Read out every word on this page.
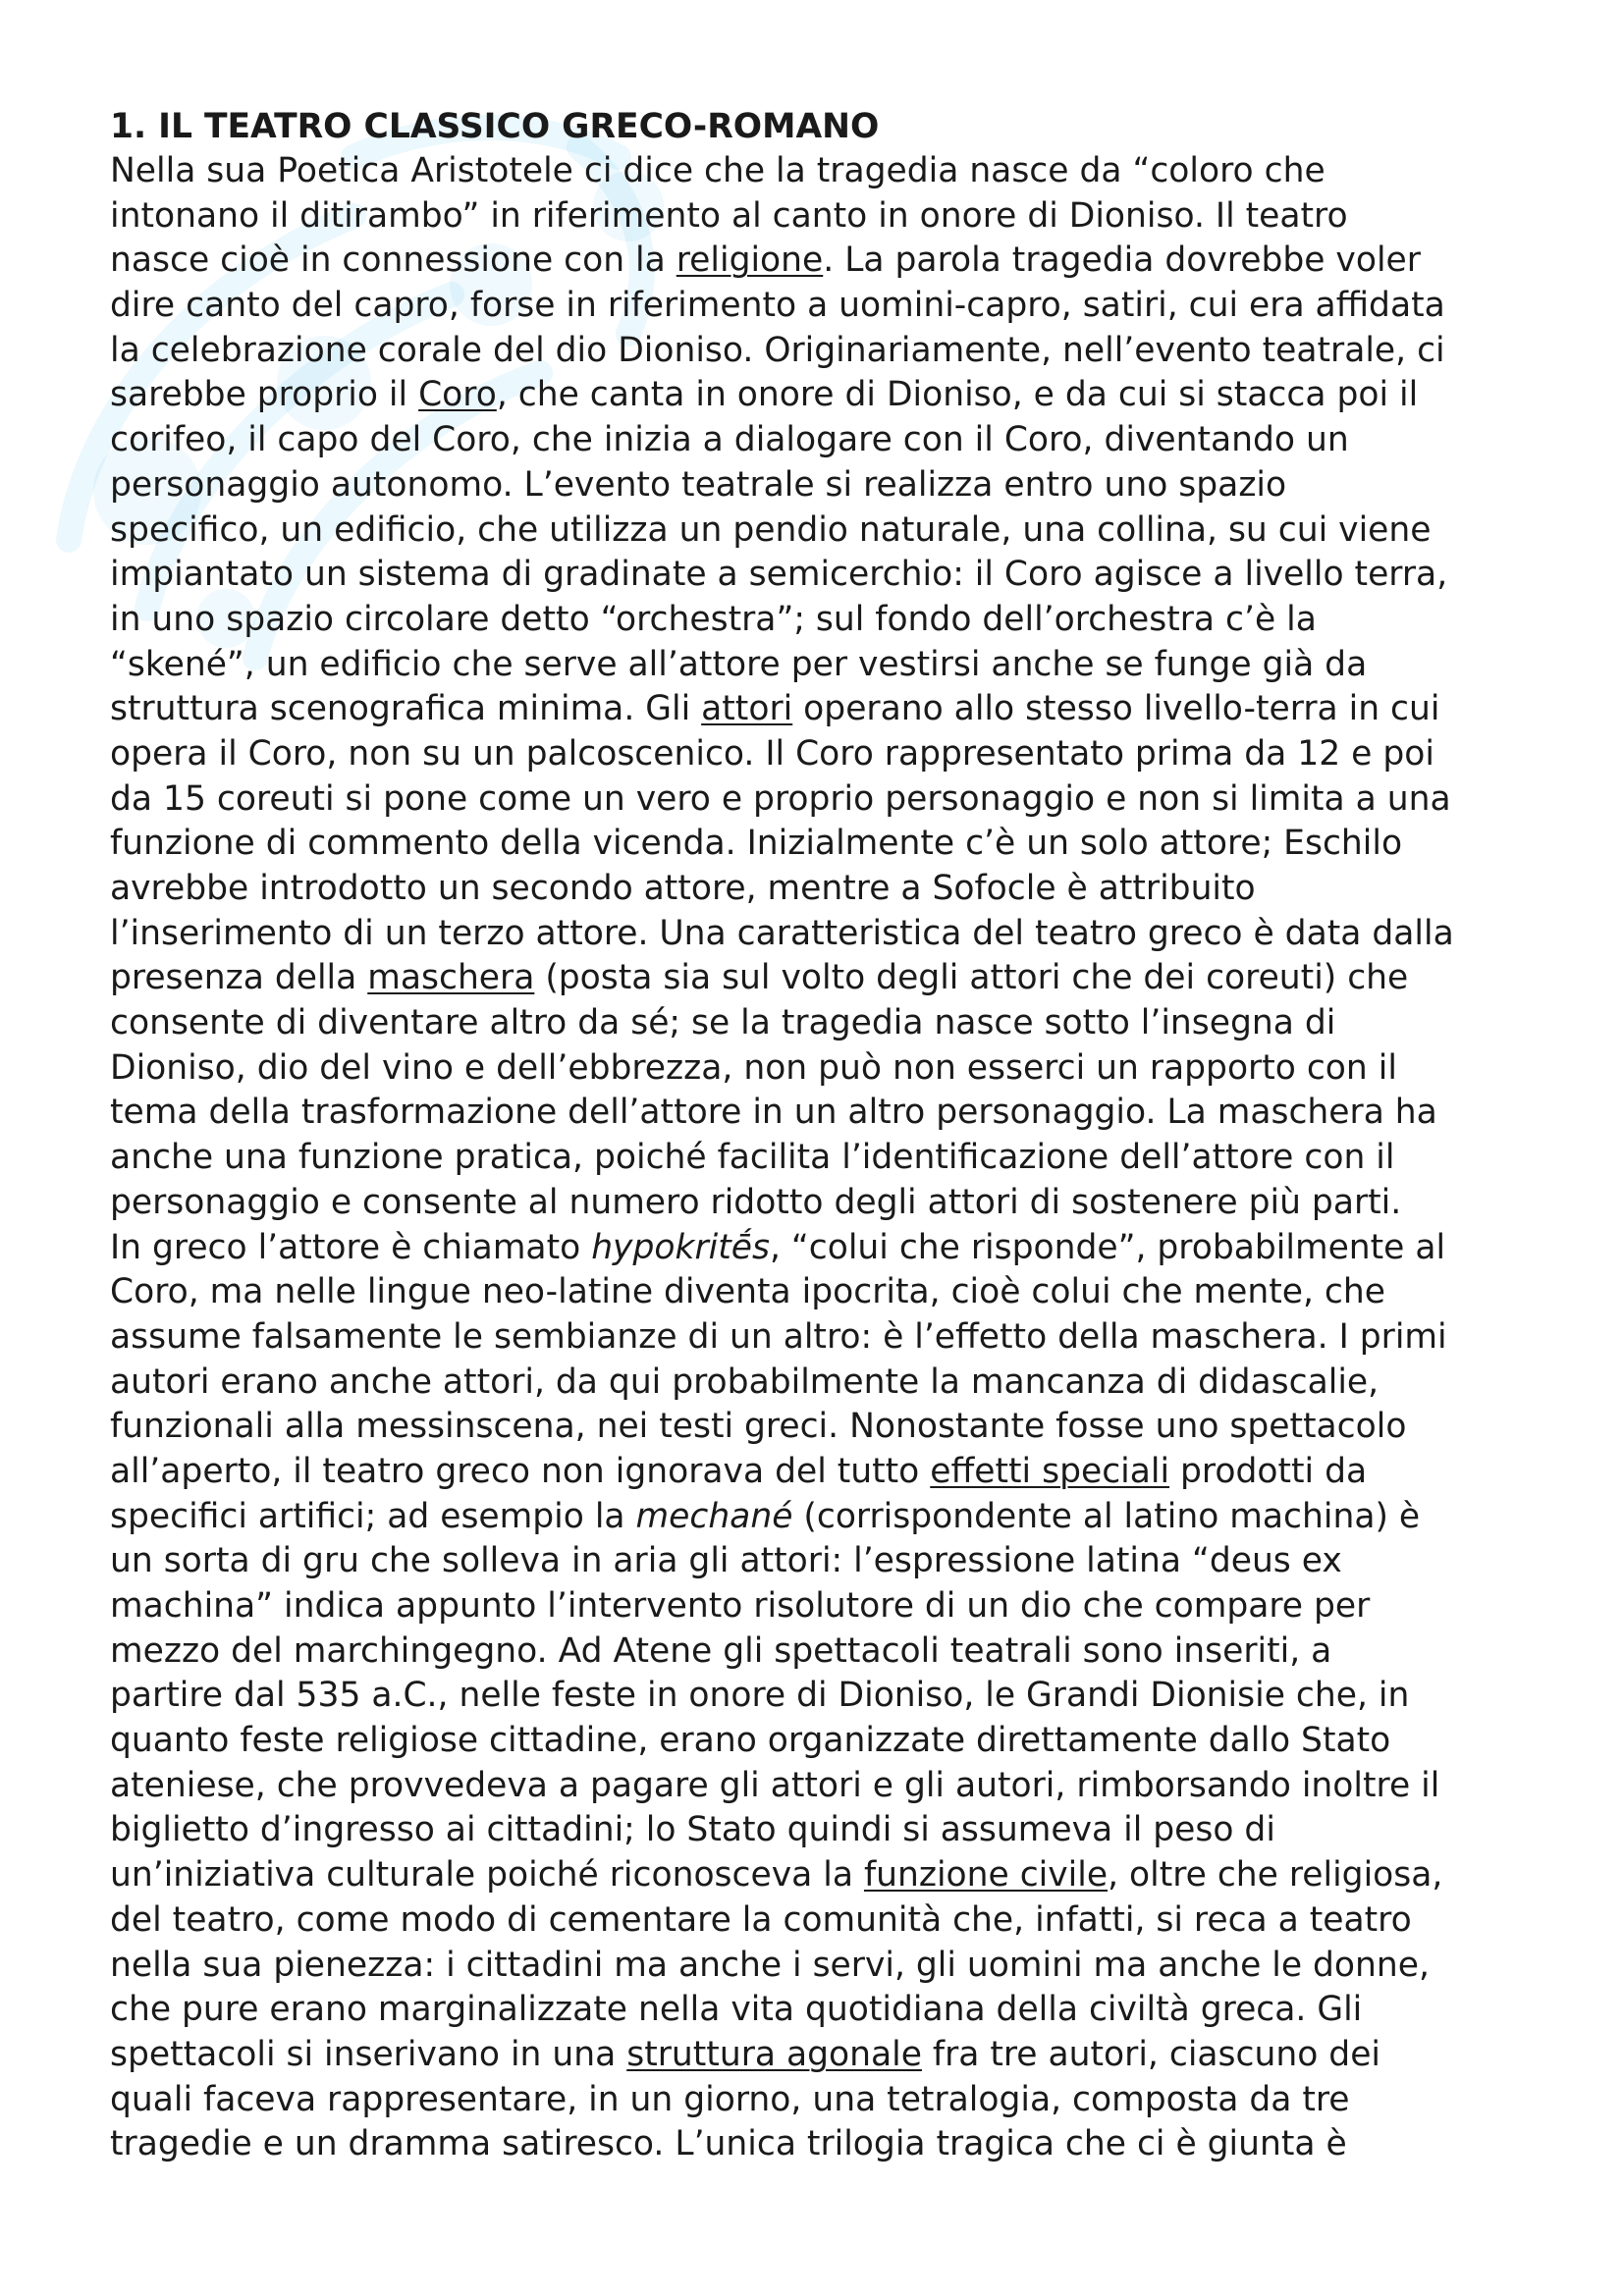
1. IL TEATRO CLASSICO GRECO-ROMANO
Nella sua Poetica Aristotele ci dice che la tragedia nasce da “coloro che
intonano il ditirambo” in riferimento al canto in onore di Dioniso. Il teatro
nasce cioè in connessione con la religione. La parola tragedia dovrebbe voler
dire canto del capro, forse in riferimento a uomini-capro, satiri, cui era affidata
la celebrazione corale del dio Dioniso. Originariamente, nell’evento teatrale, ci
sarebbe proprio il Coro, che canta in onore di Dioniso, e da cui si stacca poi il
corifeo, il capo del Coro, che inizia a dialogare con il Coro, diventando un
personaggio autonomo. L’evento teatrale si realizza entro uno spazio
specifico, un edificio, che utilizza un pendio naturale, una collina, su cui viene
impiantato un sistema di gradinate a semicerchio: il Coro agisce a livello terra,
in uno spazio circolare detto “orchestra”; sul fondo dell’orchestra c’è la
“skené”, un edificio che serve all’attore per vestirsi anche se funge già da
struttura scenografica minima. Gli attori operano allo stesso livello-terra in cui
opera il Coro, non su un palcoscenico. Il Coro rappresentato prima da 12 e poi
da 15 coreuti si pone come un vero e proprio personaggio e non si limita a una
funzione di commento della vicenda. Inizialmente c’è un solo attore; Eschilo
avrebbe introdotto un secondo attore, mentre a Sofocle è attribuito
l’inserimento di un terzo attore. Una caratteristica del teatro greco è data dalla
presenza della maschera (posta sia sul volto degli attori che dei coreuti) che
consente di diventare altro da sé; se la tragedia nasce sotto l’insegna di
Dioniso, dio del vino e dell’ebbrezza, non può non esserci un rapporto con il
tema della trasformazione dell’attore in un altro personaggio. La maschera ha
anche una funzione pratica, poiché facilita l’identificazione dell’attore con il
personaggio e consente al numero ridotto degli attori di sostenere più parti.
In greco l’attore è chiamato hypokritḗs, “colui che risponde”, probabilmente al
Coro, ma nelle lingue neo-latine diventa ipocrita, cioè colui che mente, che
assume falsamente le sembianze di un altro: è l’effetto della maschera. I primi
autori erano anche attori, da qui probabilmente la mancanza di didascalie,
funzionali alla messinscena, nei testi greci. Nonostante fosse uno spettacolo
all’aperto, il teatro greco non ignorava del tutto effetti speciali prodotti da
specifici artifici; ad esempio la mechané (corrispondente al latino machina) è
un sorta di gru che solleva in aria gli attori: l’espressione latina “deus ex
machina” indica appunto l’intervento risolutore di un dio che compare per
mezzo del marchingegno. Ad Atene gli spettacoli teatrali sono inseriti, a
partire dal 535 a.C., nelle feste in onore di Dioniso, le Grandi Dionisie che, in
quanto feste religiose cittadine, erano organizzate direttamente dallo Stato
ateniese, che provvedeva a pagare gli attori e gli autori, rimborsando inoltre il
biglietto d’ingresso ai cittadini; lo Stato quindi si assumeva il peso di
un’iniziativa culturale poiché riconosceva la funzione civile, oltre che religiosa,
del teatro, come modo di cementare la comunità che, infatti, si reca a teatro
nella sua pienezza: i cittadini ma anche i servi, gli uomini ma anche le donne,
che pure erano marginalizzate nella vita quotidiana della civiltà greca. Gli
spettacoli si inserivano in una struttura agonale fra tre autori, ciascuno dei
quali faceva rappresentare, in un giorno, una tetralogia, composta da tre
tragedie e un dramma satiresco. L’unica trilogia tragica che ci è giunta è
